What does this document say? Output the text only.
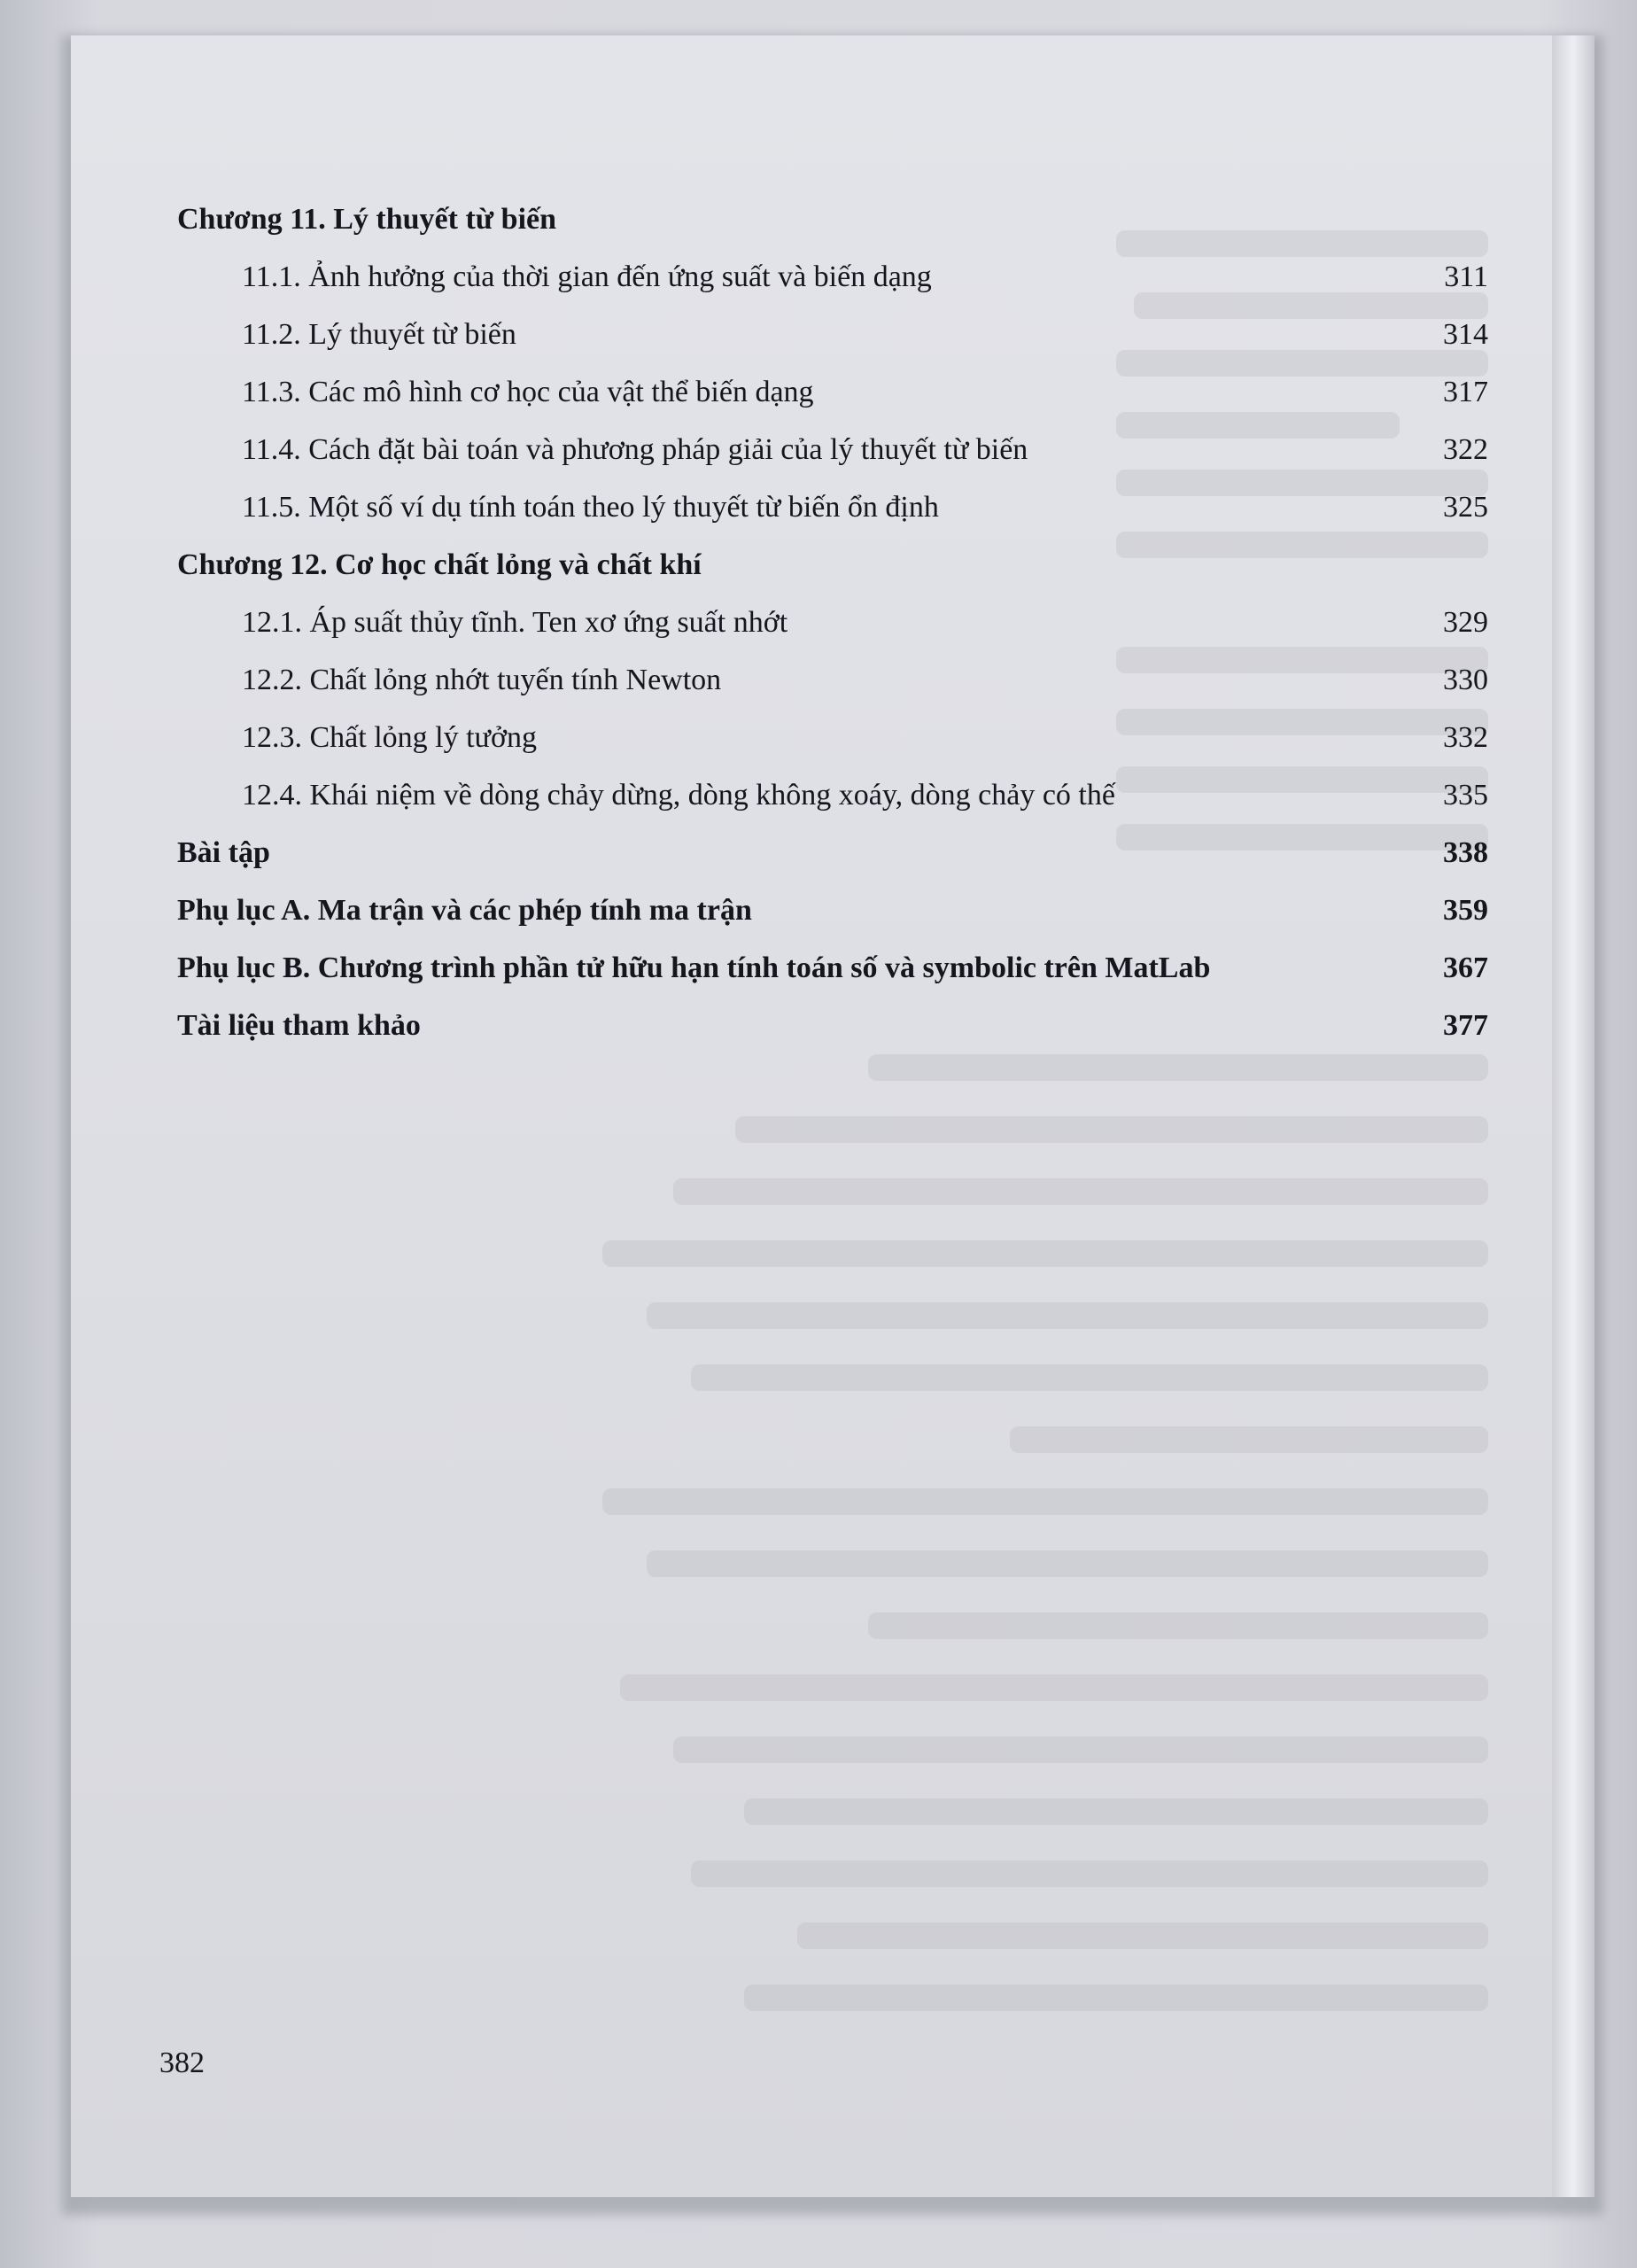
Chương 11. Lý thuyết từ biến
11.1. Ảnh hưởng của thời gian đến ứng suất và biến dạng	311
11.2. Lý thuyết từ biến	314
11.3. Các mô hình cơ học của vật thể biến dạng	317
11.4. Cách đặt bài toán và phương pháp giải của lý thuyết từ biến	322
11.5. Một số ví dụ tính toán theo lý thuyết từ biến ổn định	325
Chương 12. Cơ học chất lỏng và chất khí
12.1. Áp suất thủy tĩnh. Ten xơ ứng suất nhớt	329
12.2. Chất lỏng nhớt tuyến tính Newton	330
12.3. Chất lỏng lý tưởng	332
12.4. Khái niệm về dòng chảy dừng, dòng không xoáy, dòng chảy có thế	335
Bài tập	338
Phụ lục A. Ma trận và các phép tính ma trận	359
Phụ lục B. Chương trình phần tử hữu hạn tính toán số và symbolic trên MatLab	367
Tài liệu tham khảo	377
382
